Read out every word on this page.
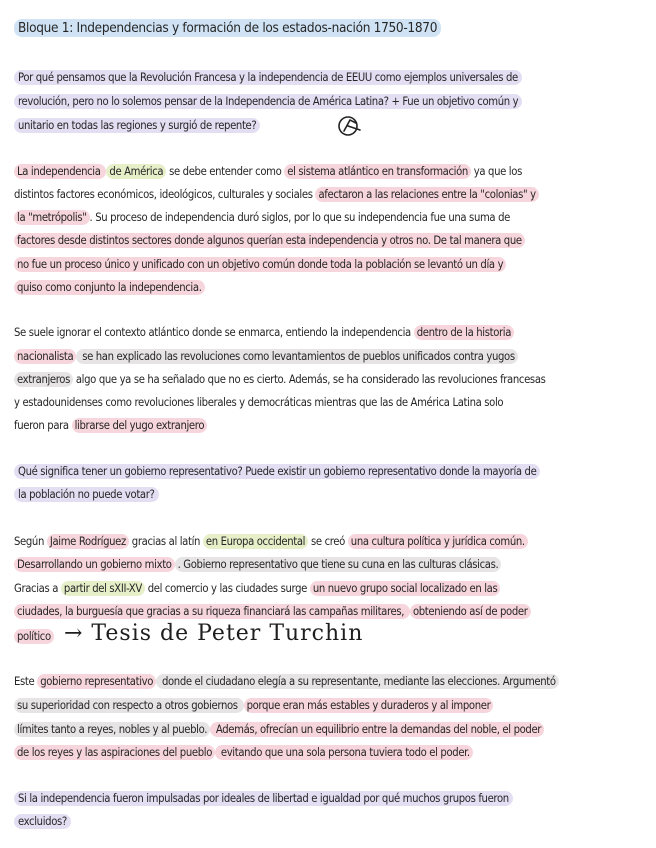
Bloque 1: Independencias y formación de los estados-nación 1750-1870
Por qué pensamos que la Revolución Francesa y la independencia de EEUU como ejemplos universales de
revolución, pero no lo solemos pensar de la Independencia de América Latina? + Fue un objetivo común y
unitario en todas las regiones y surgió de repente?
La independencia de América se debe entender como el sistema atlántico en transformación ya que los
distintos factores económicos, ideológicos, culturales y sociales afectaron a las relaciones entre la "colonias" y
la "metrópolis" . Su proceso de independencia duró siglos, por lo que su independencia fue una suma de
factores desde distintos sectores donde algunos querían esta independencia y otros no. De tal manera que
no fue un proceso único y unificado con un objetivo común donde toda la población se levantó un día y
quiso como conjunto la independencia.
Se suele ignorar el contexto atlántico donde se enmarca, entiendo la independencia dentro de la historia
nacionalista se han explicado las revoluciones como levantamientos de pueblos unificados contra yugos
extranjeros algo que ya se ha señalado que no es cierto. Además, se ha considerado las revoluciones francesas
y estadounidenses como revoluciones liberales y democráticas mientras que las de América Latina solo
fueron para librarse del yugo extranjero
Qué significa tener un gobierno representativo? Puede existir un gobierno representativo donde la mayoría de
la población no puede votar?
Según Jaime Rodríguez gracias al latín en Europa occidental se creó una cultura política y jurídica común.
Desarrollando un gobierno mixto . Gobierno representativo que tiene su cuna en las culturas clásicas.
Gracias a partir del sXII-XV del comercio y las ciudades surge un nuevo grupo social localizado en las
ciudades, la burguesía que gracias a su riqueza financiará las campañas militares, obteniendo así de poder
político → Tesis de Peter Turchin
Este gobierno representativo donde el ciudadano elegía a su representante, mediante las elecciones. Argumentó
su superioridad con respecto a otros gobiernos porque eran más estables y duraderos y al imponer
límites tanto a reyes, nobles y al pueblo. Además, ofrecían un equilibrio entre la demandas del noble, el poder
de los reyes y las aspiraciones del pueblo evitando que una sola persona tuviera todo el poder.
Si la independencia fueron impulsadas por ideales de libertad e igualdad por qué muchos grupos fueron
excluidos?
